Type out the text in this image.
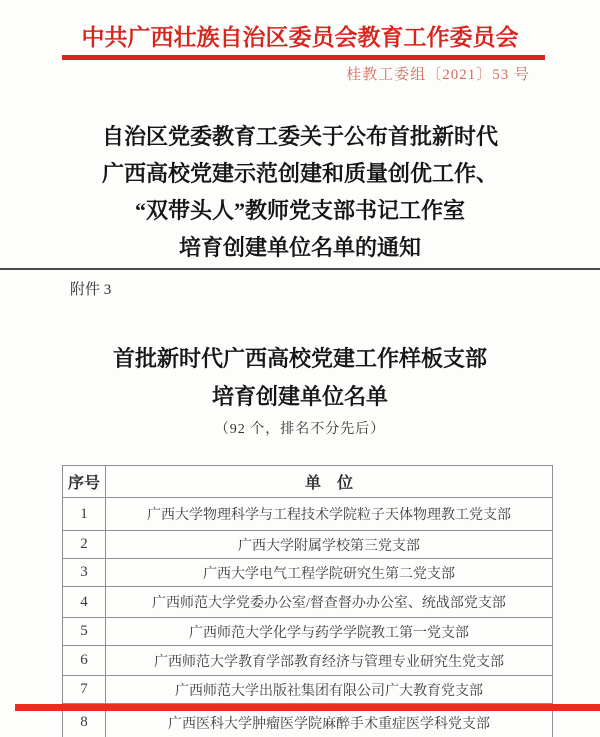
中共广西壮族自治区委员会教育工作委员会
桂教工委组〔2021〕53 号
自治区党委教育工委关于公布首批新时代
广西高校党建示范创建和质量创优工作、
“双带头人”教师党支部书记工作室
培育创建单位名单的通知
附件 3
首批新时代广西高校党建工作样板支部
培育创建单位名单
（92 个，排名不分先后）
序号	单　位
1	广西大学物理科学与工程技术学院粒子天体物理教工党支部
2	广西大学附属学校第三党支部
3	广西大学电气工程学院研究生第二党支部
4	广西师范大学党委办公室/督查督办办公室、统战部党支部
5	广西师范大学化学与药学学院教工第一党支部
6	广西师范大学教育学部教育经济与管理专业研究生党支部
7	广西师范大学出版社集团有限公司广大教育党支部
8	广西医科大学肿瘤医学院麻醉手术重症医学科党支部
